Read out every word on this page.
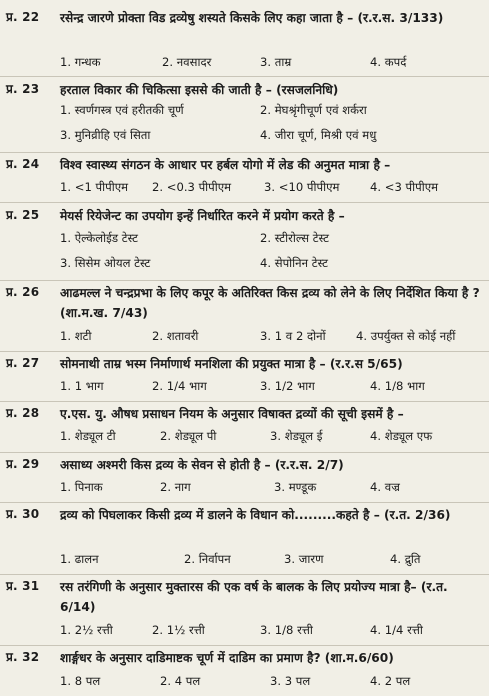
प्र. 22 रसेन्द्र जारणे प्रोक्ता विड द्रव्येषु शस्यते किसके लिए कहा जाता है – (र.र.स. 3/133)
1. गन्धक	2. नवसादर	3. ताम्र	4. कपर्द
प्र. 23 हरताल विकार की चिकित्सा इससे की जाती है – (रसजलनिधि)
1. स्वर्णगस्त्र एवं हरीतकी चूर्ण	2. मेघश्रृंगीचूर्ण एवं शर्करा
3. मुनिव्रीहि एवं सिता	4. जीरा चूर्ण, मिश्री एवं मधु
प्र. 24 विश्व स्वास्थ्य संगठन के आधार पर हर्बल योगो में लेड की अनुमत मात्रा है –
1. <1 पीपीएम 2. <0.3 पीपीएम	3. <10 पीपीएम	4. <3 पीपीएम
प्र. 25 मेयर्स रियेजेन्ट का उपयोग इन्हें निर्धारित करने में प्रयोग करते है –
1. ऐल्केलोईड टेस्ट	2. स्टीरोल्स टेस्ट
3. सिसेम ओयल टेस्ट	4. सेपोनिन टेस्ट
प्र. 26 आढमल्ल ने चन्द्रप्रभा के लिए कपूर के अतिरिक्त किस द्रव्य को लेने के लिए निर्देशित किया है ? (शा.म.ख. 7/43)
1. शटी	2. शतावरी	3. 1 व 2 दोनों	4. उपर्युक्त से कोई नहीं
प्र. 27 सोमनाथी ताम्र भस्म निर्माणार्थ मनशिला की प्रयुक्त मात्रा है – (र.र.स 5/65)
1. 1 भाग	2. 1/4 भाग	3. 1/2 भाग	4. 1/8 भाग
प्र. 28 ए.एस. यु. औषध प्रसाधन नियम के अनुसार विषाक्त द्रव्यों की सूची इसमें है –
1. शेड्यूल टी	2. शेड्यूल पी	3. शेड्यूल ई	4. शेड्यूल एफ
प्र. 29 असाध्य अश्मरी किस द्रव्य के सेवन से होती है – (र.र.स. 2/7)
1. पिनाक	2. नाग	3. मण्डूक	4. वज्र
प्र. 30 द्रव्य को पिघलाकर किसी द्रव्य में डालने के विधान को.........कहते है – (र.त. 2/36)
1. ढालन	2. निर्वापन	3. जारण	4. द्रुति
प्र. 31 रस तरंगिणी के अनुसार मुक्तारस की एक वर्ष के बालक के लिए प्रयोज्य मात्रा है– (र.त. 6/14)
1. 2½ रत्ती	2. 1½ रत्ती	3. 1/8 रत्ती	4. 1/4 रत्ती
प्र. 32 शार्ङ्गधर के अनुसार दाडिमाष्टक चूर्ण में दाडिम का प्रमाण है? (शा.म.6/60)
1. 8 पल	2. 4 पल	3. 3 पल	4. 2 पल
